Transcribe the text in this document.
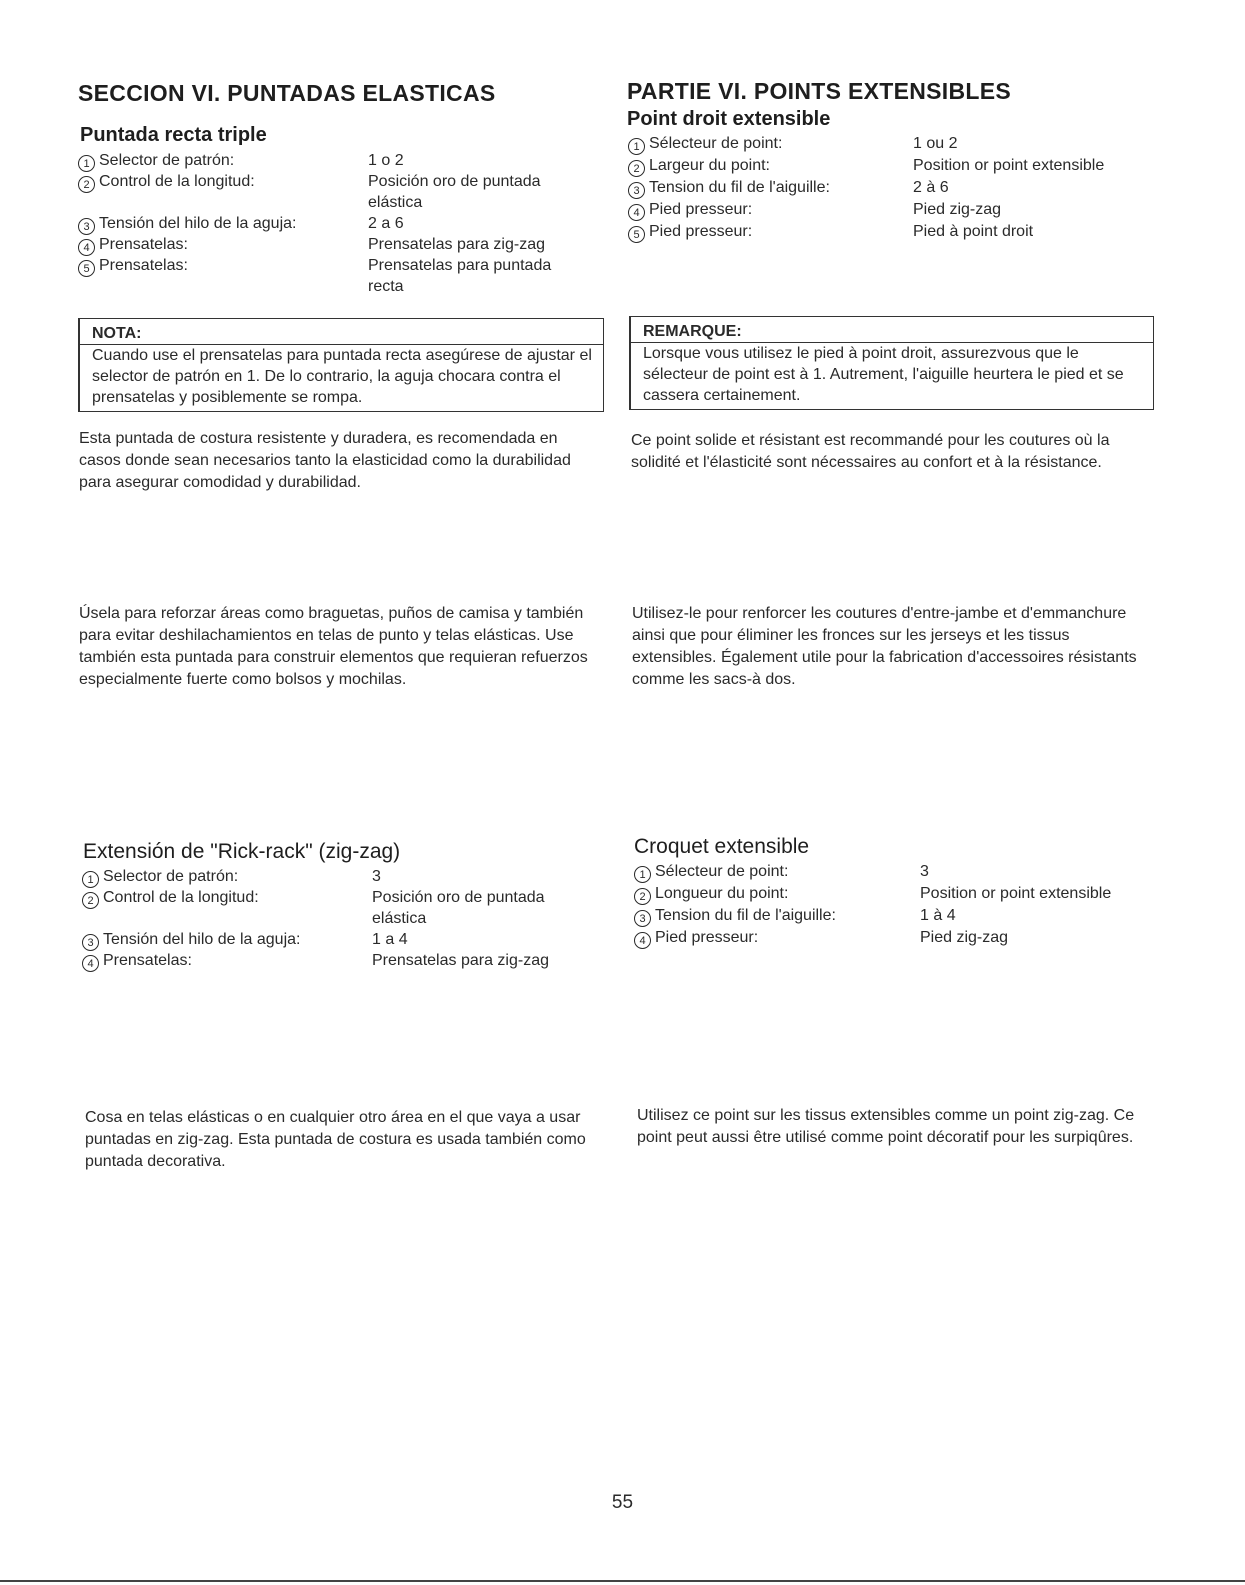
SECCION VI. PUNTADAS ELASTICAS
Puntada recta triple
1 Selector de patrón:	1 o 2
2 Control de la longitud:	Posición oro de puntada elástica
3 Tensión del hilo de la aguja:	2 a 6
4 Prensatelas:	Prensatelas para zig-zag
5 Prensatelas:	Prensatelas para puntada recta
NOTA:
Cuando use el prensatelas para puntada recta asegúrese de ajustar el selector de patrón en 1. De lo contrario, la aguja chocara contra el prensatelas y posiblemente se rompa.
Esta puntada de costura resistente y duradera, es recomendada en casos donde sean necesarios tanto la elasticidad como la durabilidad para asegurar comodidad y durabilidad.
Úsela para reforzar áreas como braguetas, puños de camisa y también para evitar deshilachamientos en telas de punto y telas elásticas. Use también esta puntada para construir elementos que requieran refuerzos especialmente fuerte como bolsos y mochilas.
Extensión de "Rick-rack" (zig-zag)
1 Selector de patrón:	3
2 Control de la longitud:	Posición oro de puntada elástica
3 Tensión del hilo de la aguja:	1 a 4
4 Prensatelas:	Prensatelas para zig-zag
Cosa en telas elásticas o en cualquier otro área en el que vaya a usar puntadas en zig-zag. Esta puntada de costura es usada también como puntada decorativa.
PARTIE VI. POINTS EXTENSIBLES
Point droit extensible
1 Sélecteur de point:	1 ou 2
2 Largeur du point:	Position or point extensible
3 Tension du fil de l'aiguille:	2 à 6
4 Pied presseur:	Pied zig-zag
5 Pied presseur:	Pied à point droit
REMARQUE:
Lorsque vous utilisez le pied à point droit, assurezvous que le sélecteur de point est à 1. Autrement, l'aiguille heurtera le pied et se cassera certainement.
Ce point solide et résistant est recommandé pour les coutures où la solidité et l'élasticité sont nécessaires au confort et à la résistance.
Utilisez-le pour renforcer les coutures d'entre-jambe et d'emmanchure ainsi que pour éliminer les fronces sur les jerseys et les tissus extensibles. Également utile pour la fabrication d'accessoires résistants comme les sacs-à dos.
Croquet extensible
1 Sélecteur de point:	3
2 Longueur du point:	Position or point extensible
3 Tension du fil de l'aiguille:	1 à 4
4 Pied presseur:	Pied zig-zag
Utilisez ce point sur les tissus extensibles comme un point zig-zag. Ce point peut aussi être utilisé comme point décoratif pour les surpiqûres.
55
